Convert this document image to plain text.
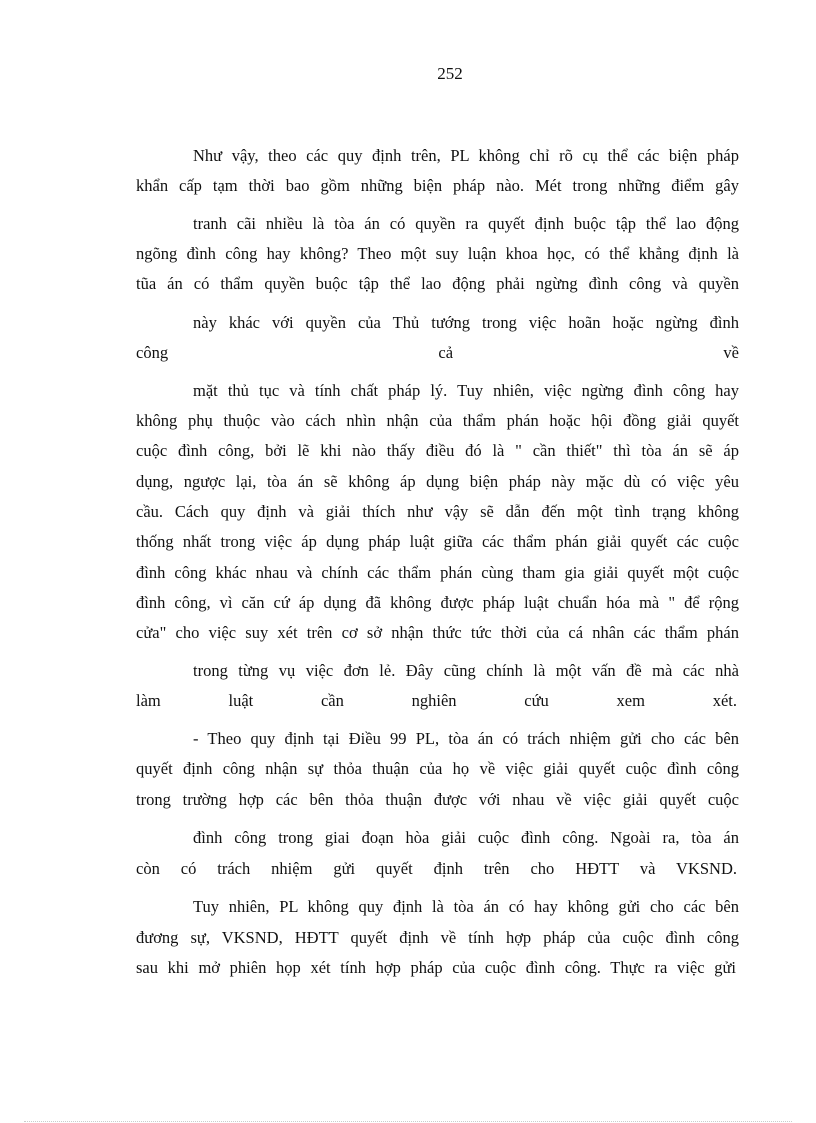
252
Như vậy, theo các quy định trên, PL không chỉ rõ cụ thể các biện pháp
khẩn cấp tạm thời bao gồm những biện pháp nào. Mét trong những điểm gây
tranh cãi nhiều là tòa án có quyền ra quyết định buộc tập thể lao động
ngõng đình công hay không? Theo một suy luận khoa học, có thể khẳng định là
tũa án có thẩm quyền buộc tập thể lao động phải ngừng đình công và quyền
này khác với quyền của Thủ tướng trong việc hoãn hoặc ngừng đình
công cả về
mặt thủ tục và tính chất pháp lý. Tuy nhiên, việc ngừng đình công hay
không phụ thuộc vào cách nhìn nhận của thẩm phán hoặc hội đồng giải quyết
cuộc đình công, bởi lẽ khi nào thấy điều đó là " cần thiết" thì tòa án sẽ áp
dụng, ngược lại, tòa án sẽ không áp dụng biện pháp này mặc dù có việc yêu
cầu. Cách quy định và giải thích như vậy sẽ dẫn đến một tình trạng không
thống nhất trong việc áp dụng pháp luật giữa các thẩm phán giải quyết các cuộc
đình công khác nhau và chính các thẩm phán cùng tham gia giải quyết một cuộc
đình công, vì căn cứ áp dụng đã không được pháp luật chuẩn hóa mà " để rộng
cửa" cho việc suy xét trên cơ sở nhận thức tức thời của cá nhân các thẩm phán
trong từng vụ việc đơn lẻ. Đây cũng chính là một vấn đề mà các nhà
làm luật cần nghiên cứu xem xét.
- Theo quy định tại Điều 99 PL, tòa án có trách nhiệm gửi cho các bên
quyết định công nhận sự thỏa thuận của họ về việc giải quyết cuộc đình công
trong trường hợp các bên thỏa thuận được với nhau về việc giải quyết cuộc
đình công trong giai đoạn hòa giải cuộc đình công. Ngoài ra, tòa án
còn có trách nhiệm gửi quyết định trên cho HĐTT và VKSND.
Tuy nhiên, PL không quy định là tòa án có hay không gửi cho các bên
đương sự, VKSND, HĐTT quyết định về tính hợp pháp của cuộc đình công
sau khi mở phiên họp xét tính hợp pháp của cuộc đình công. Thực ra việc gửi
